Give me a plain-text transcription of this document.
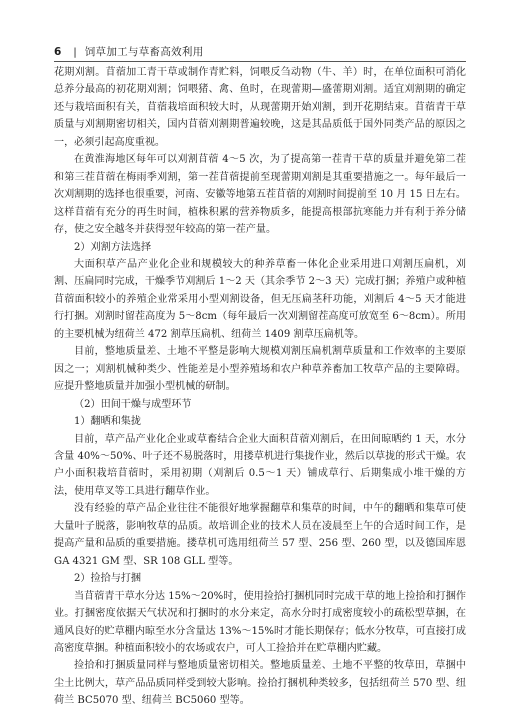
6 | 饲草加工与草畜高效利用

花期刈割。苜蓿加工青干草或制作青贮料，饲喂反刍动物（牛、羊）时，在单位面积可消化总养分最高的初花期刈割；饲喂猪、禽、鱼时，在现蕾期—盛蕾期刈割。适宜刈割期的确定还与栽培面积有关，苜蓿栽培面积较大时，从现蕾期开始刈割，到开花期结束。苜蓿青干草质量与刈割期密切相关，国内苜蓿刈割期普遍较晚，这是其品质低于国外同类产品的原因之一，必须引起高度重视。

在黄淮海地区每年可以刈割苜蓿 4～5 次，为了提高第一茬青干草的质量并避免第二茬和第三茬苜蓿在梅雨季刈割，第一茬苜蓿提前至现蕾期刈割是其重要措施之一。每年最后一次刈割期的选择也很重要，河南、安徽等地第五茬苜蓿的刈割时间提前至 10 月 15 日左右。这样苜蓿有充分的再生时间，植株积累的营养物质多，能提高根部抗寒能力并有利于养分储存，使之安全越冬并获得翌年较高的第一茬产量。

2）刈割方法选择

大面积草产品产业化企业和规模较大的种养草畜一体化企业采用进口刈割压扁机，刈割、压扁同时完成，干燥季节刈割后 1～2 天（其余季节 2～3 天）完成打捆；养殖户或种植苜蓿面积较小的养殖企业常采用小型刈割设备，但无压扁茎秆功能，刈割后 4～5 天才能进行打捆。刈割时留茬高度为 5～8cm（每年最后一次刈割留茬高度可放宽至 6～8cm）。所用的主要机械为纽荷兰 472 割草压扁机、纽荷兰 1409 割草压扁机等。

目前，整地质量差、土地不平整是影响大规模刈割压扁机割草质量和工作效率的主要原因之一；刈割机械种类少、性能差是小型养殖场和农户种草养畜加工牧草产品的主要障碍。应提升整地质量并加强小型机械的研制。

（2）田间干燥与成型环节

1）翻晒和集拢

目前，草产品产业化企业或草畜结合企业大面积苜蓿刈割后，在田间晾晒约 1 天，水分含量 40%～50%、叶子还不易脱落时，用搂草机进行集拢作业，然后以草拢的形式干燥。农户小面积栽培苜蓿时，采用初期（刈割后 0.5～1 天）铺成草行、后期集成小堆干燥的方法，使用草叉等工具进行翻草作业。

没有经验的草产品企业往往不能很好地掌握翻草和集草的时间，中午的翻晒和集草可使大量叶子脱落，影响牧草的品质。故培训企业的技术人员在凌晨至上午的合适时间工作，是提高产量和品质的重要措施。搂草机可选用纽荷兰 57 型、256 型、260 型，以及德国库恩 GA 4321 GM 型、SR 108 GLL 型等。

2）捡拾与打捆

当苜蓿青干草水分达 15%～20%时，使用捡拾打捆机同时完成干草的地上捡拾和打捆作业。打捆密度依据天气状况和打捆时的水分来定，高水分时打成密度较小的疏松型草捆，在通风良好的贮草棚内晾至水分含量达 13%～15%时才能长期保存；低水分牧草，可直接打成高密度草捆。种植面积较小的农场或农户，可人工捡拾并在贮草棚内贮藏。

捡拾和打捆质量同样与整地质量密切相关。整地质量差、土地不平整的牧草田，草捆中尘土比例大，草产品品质同样受到较大影响。捡拾打捆机种类较多，包括纽荷兰 570 型、纽荷兰 BC5070 型、纽荷兰 BC5060 型等。
